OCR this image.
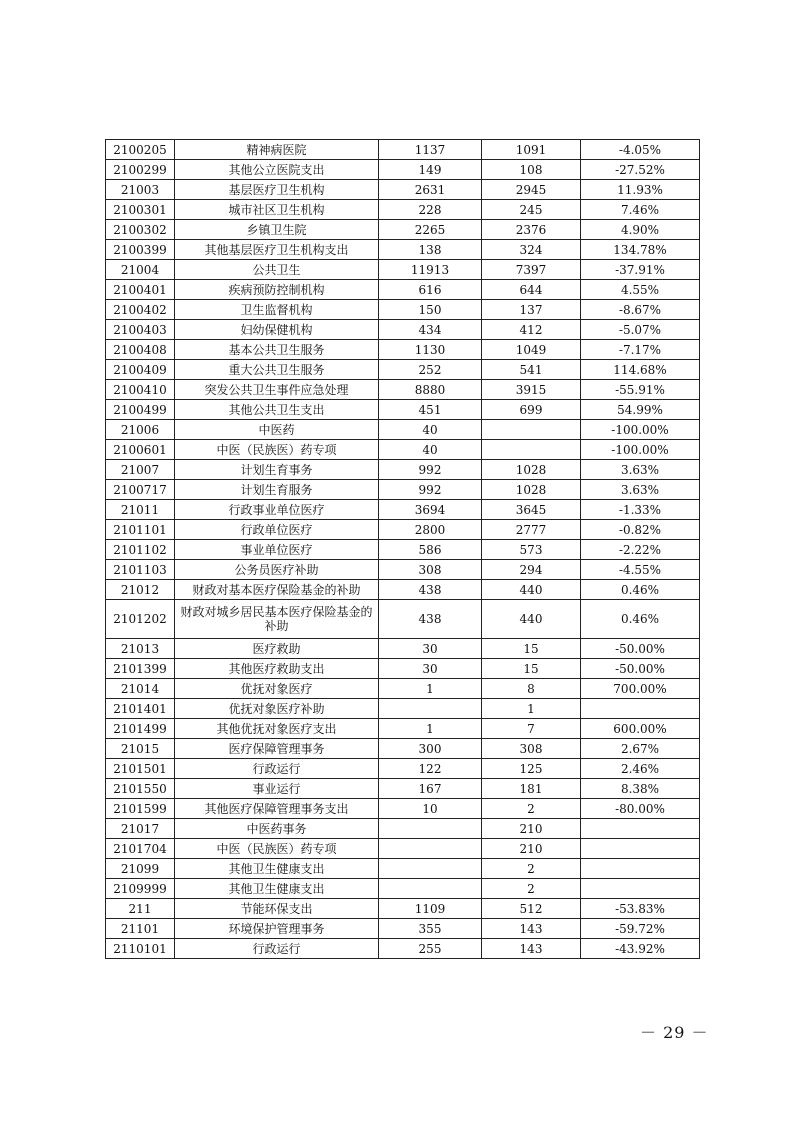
2100205	精神病医院	1137	1091	-4.05%
2100299	其他公立医院支出	149	108	-27.52%
21003	基层医疗卫生机构	2631	2945	11.93%
2100301	城市社区卫生机构	228	245	7.46%
2100302	乡镇卫生院	2265	2376	4.90%
2100399	其他基层医疗卫生机构支出	138	324	134.78%
21004	公共卫生	11913	7397	-37.91%
2100401	疾病预防控制机构	616	644	4.55%
2100402	卫生监督机构	150	137	-8.67%
2100403	妇幼保健机构	434	412	-5.07%
2100408	基本公共卫生服务	1130	1049	-7.17%
2100409	重大公共卫生服务	252	541	114.68%
2100410	突发公共卫生事件应急处理	8880	3915	-55.91%
2100499	其他公共卫生支出	451	699	54.99%
21006	中医药	40		-100.00%
2100601	中医（民族医）药专项	40		-100.00%
21007	计划生育事务	992	1028	3.63%
2100717	计划生育服务	992	1028	3.63%
21011	行政事业单位医疗	3694	3645	-1.33%
2101101	行政单位医疗	2800	2777	-0.82%
2101102	事业单位医疗	586	573	-2.22%
2101103	公务员医疗补助	308	294	-4.55%
21012	财政对基本医疗保险基金的补助	438	440	0.46%
2101202	财政对城乡居民基本医疗保险基金的补助	438	440	0.46%
21013	医疗救助	30	15	-50.00%
2101399	其他医疗救助支出	30	15	-50.00%
21014	优抚对象医疗	1	8	700.00%
2101401	优抚对象医疗补助		1	
2101499	其他优抚对象医疗支出	1	7	600.00%
21015	医疗保障管理事务	300	308	2.67%
2101501	行政运行	122	125	2.46%
2101550	事业运行	167	181	8.38%
2101599	其他医疗保障管理事务支出	10	2	-80.00%
21017	中医药事务		210	
2101704	中医（民族医）药专项		210	
21099	其他卫生健康支出		2	
2109999	其他卫生健康支出		2	
211	节能环保支出	1109	512	-53.83%
21101	环境保护管理事务	355	143	-59.72%
2110101	行政运行	255	143	-43.92%
－ 29 －
